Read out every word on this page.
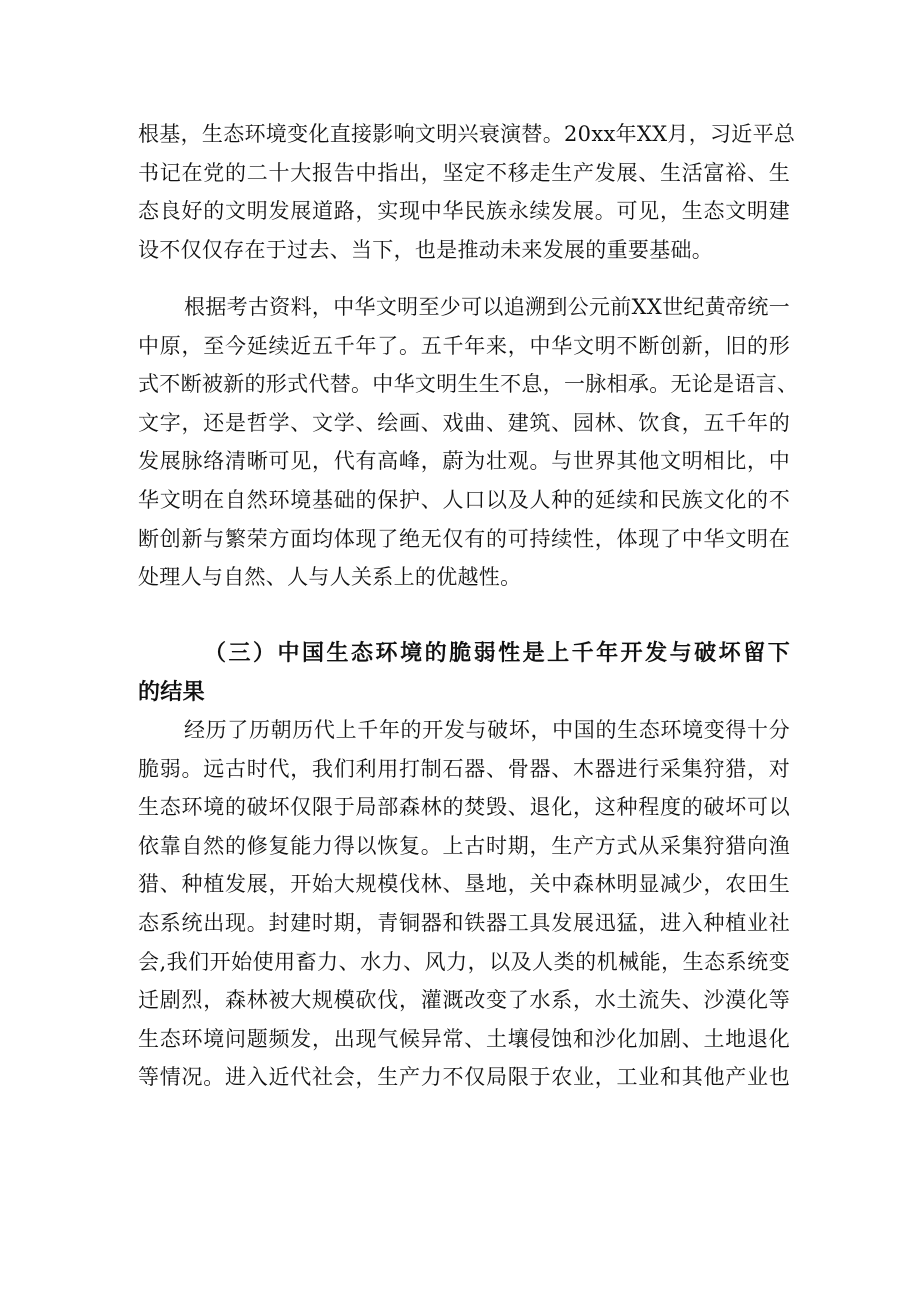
根基，生态环境变化直接影响文明兴衰演替。20xx年XX月，习近平总
书记在党的二十大报告中指出，坚定不移走生产发展、生活富裕、生
态良好的文明发展道路，实现中华民族永续发展。可见，生态文明建
设不仅仅存在于过去、当下，也是推动未来发展的重要基础。
根据考古资料，中华文明至少可以追溯到公元前XX世纪黄帝统一
中原，至今延续近五千年了。五千年来，中华文明不断创新，旧的形
式不断被新的形式代替。中华文明生生不息，一脉相承。无论是语言、
文字，还是哲学、文学、绘画、戏曲、建筑、园林、饮食，五千年的
发展脉络清晰可见，代有高峰，蔚为壮观。与世界其他文明相比，中
华文明在自然环境基础的保护、人口以及人种的延续和民族文化的不
断创新与繁荣方面均体现了绝无仅有的可持续性，体现了中华文明在
处理人与自然、人与人关系上的优越性。
（三）中国生态环境的脆弱性是上千年开发与破坏留下
的结果
经历了历朝历代上千年的开发与破坏，中国的生态环境变得十分
脆弱。远古时代，我们利用打制石器、骨器、木器进行采集狩猎，对
生态环境的破坏仅限于局部森林的焚毁、退化，这种程度的破坏可以
依靠自然的修复能力得以恢复。上古时期，生产方式从采集狩猎向渔
猎、种植发展，开始大规模伐林、垦地，关中森林明显减少，农田生
态系统出现。封建时期，青铜器和铁器工具发展迅猛，进入种植业社
会,我们开始使用畜力、水力、风力，以及人类的机械能，生态系统变
迁剧烈，森林被大规模砍伐，灌溉改变了水系，水土流失、沙漠化等
生态环境问题频发，出现气候异常、土壤侵蚀和沙化加剧、土地退化
等情况。进入近代社会，生产力不仅局限于农业，工业和其他产业也
